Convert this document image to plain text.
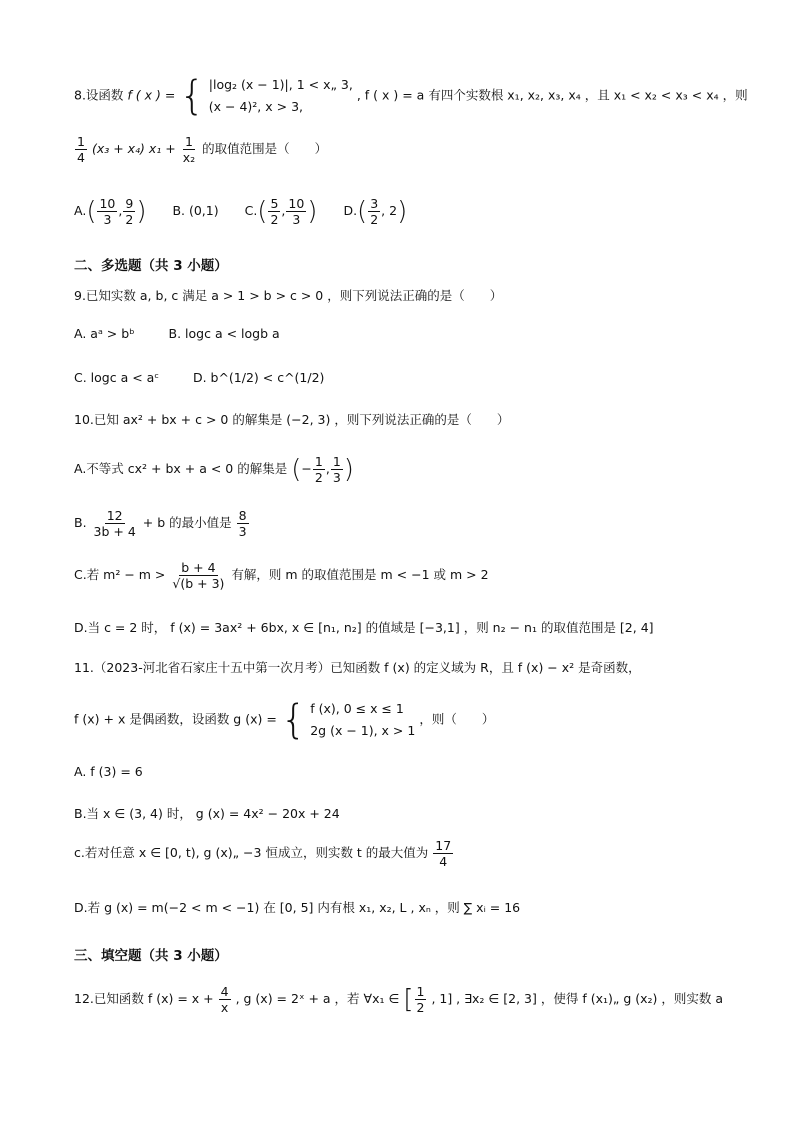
8.设函数 f ( x ) = { |log₂ (x − 1)|, 1 < x„ 3,
(x − 4)², x > 3,
, f ( x ) = a 有四个实数根 x₁, x₂, x₃, x₄ ，且 x₁ < x₂ < x₃ < x₄ ，则
$\frac{1}{4} (x_3 + x_4) x_1 + \frac{1}{\text{x₂}}$ 的取值范围是（　　）
$A.( \frac{10}{3}$ , $\frac{9}{2}$ ) B. (0,1) $C.( \frac{5}{2}$ , $\frac{10}{3}$ ) $D.( \frac{3}{2}$ , 2)
二、多选题（共 3 小题）
9.已知实数 a, b, c 满足 a > 1 > b > c > 0 ，则下列说法正确的是（　　）
A. aᵃ > bᵇ	B. logc a < logb a
C. logc a < aᶜ	D. b^(1/2) < c^(1/2)
10.已知 ax² + bx + c > 0 的解集是 (−2, 3) ，则下列说法正确的是（　　）
A.不等式 cx² + bx + a < 0 的解集是 (− $\frac{1}{2}$ , $\frac{1}{3}$ )
B. $\frac{12}{3b + 4} + b$ 的最小值是 $\frac{8}{3}$
C.若 $m^2 - m > \frac{b + 4}{√(b + 3)}$ 有解，则 m 的取值范围是 m < −1 或 m > 2
D.当 c = 2 时， f (x) = 3ax² + 6bx, x ∈ [n₁, n₂] 的值域是 [−3,1] ，则 n₂ − n₁ 的取值范围是 [2, 4]
11.（2023-河北省石家庄十五中第一次月考）已知函数 f (x) 的定义域为 R，且 f (x) − x² 是奇函数，
f (x) + x 是偶函数，设函数 g (x) = { f (x), 0 ≤ x ≤ 1
2g (x − 1), x > 1
，则（　　）
A. f (3) = 6
B.当 x ∈ (3, 4) 时， g (x) = 4x² − 20x + 24
c.若对任意 x ∈ [0, t), g (x)„ −3 恒成立，则实数 t 的最大值为 $\frac{17}{4}$
D.若 g (x) = m(−2 < m < −1) 在 [0, 5] 内有根 x₁, x₂, L , xₙ ，则 ∑ xᵢ = 16
三、填空题（共 3 小题）
12.已知函数 f $(x) = x + \frac{4}{x}$ , g (x) = 2ˣ + a ，若 ∀x₁ ∈ [ $\frac{1}{2}$ , 1] , ∃x₂ ∈ [2, 3] ，使得 f (x₁)„ g (x₂) ，则实数 a
